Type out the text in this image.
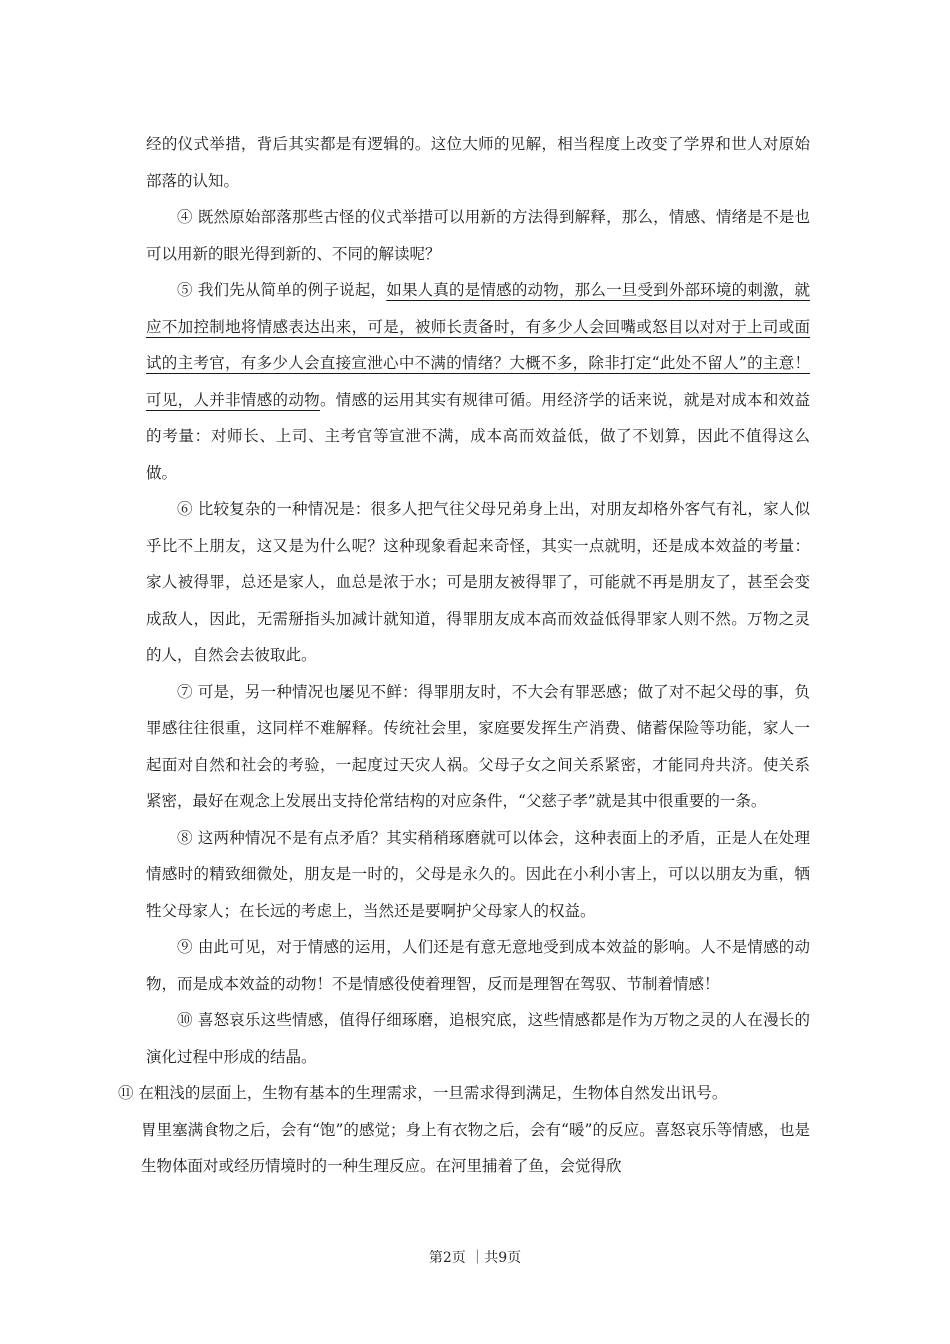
经的仪式举措，背后其实都是有逻辑的。这位大师的见解，相当程度上改变了学界和世人对原始部落的认知。

④ 既然原始部落那些古怪的仪式举措可以用新的方法得到解释，那么，情感、情绪是不是也可以用新的眼光得到新的、不同的解读呢？

⑤ 我们先从简单的例子说起，如果人真的是情感的动物，那么一旦受到外部环境的刺激，就应不加控制地将情感表达出来，可是，被师长责备时，有多少人会回嘴或怒目以对对于上司或面试的主考官，有多少人会直接宣泄心中不满的情绪？大概不多，除非打定“此处不留人”的主意！可见，人并非情感的动物。情感的运用其实有规律可循。用经济学的话来说，就是对成本和效益的考量：对师长、上司、主考官等宣泄不满，成本高而效益低，做了不划算，因此不值得这么做。

⑥ 比较复杂的一种情况是：很多人把气往父母兄弟身上出，对朋友却格外客气有礼，家人似乎比不上朋友，这又是为什么呢？这种现象看起来奇怪，其实一点就明，还是成本效益的考量：家人被得罪，总还是家人，血总是浓于水；可是朋友被得罪了，可能就不再是朋友了，甚至会变成敌人，因此，无需掰指头加减计就知道，得罪朋友成本高而效益低得罪家人则不然。万物之灵的人，自然会去彼取此。

⑦ 可是，另一种情况也屡见不鲜：得罪朋友时，不大会有罪恶感；做了对不起父母的事，负罪感往往很重，这同样不难解释。传统社会里，家庭要发挥生产消费、储蓄保险等功能，家人一起面对自然和社会的考验，一起度过天灾人祸。父母子女之间关系紧密，才能同舟共济。使关系紧密，最好在观念上发展出支持伦常结构的对应条件，“父慈子孝”就是其中很重要的一条。

⑧ 这两种情况不是有点矛盾？其实稍稍琢磨就可以体会，这种表面上的矛盾，正是人在处理情感时的精致细微处，朋友是一时的，父母是永久的。因此在小利小害上，可以以朋友为重，牺牲父母家人；在长远的考虑上，当然还是要啊护父母家人的权益。

⑨ 由此可见，对于情感的运用，人们还是有意无意地受到成本效益的影响。人不是情感的动物，而是成本效益的动物！不是情感役使着理智，反而是理智在驾驭、节制着情感！

⑩ 喜怒哀乐这些情感，值得仔细琢磨，追根究底，这些情感都是作为万物之灵的人在漫长的演化过程中形成的结晶。

⑪ 在粗浅的层面上，生物有基本的生理需求，一旦需求得到满足，生物体自然发出讯号。

胃里塞满食物之后，会有“饱”的感觉；身上有衣物之后，会有“暖”的反应。喜怒哀乐等情感，也是生物体面对或经历情境时的一种生理反应。在河里捕着了鱼，会觉得欣

第2页 ｜共9页
